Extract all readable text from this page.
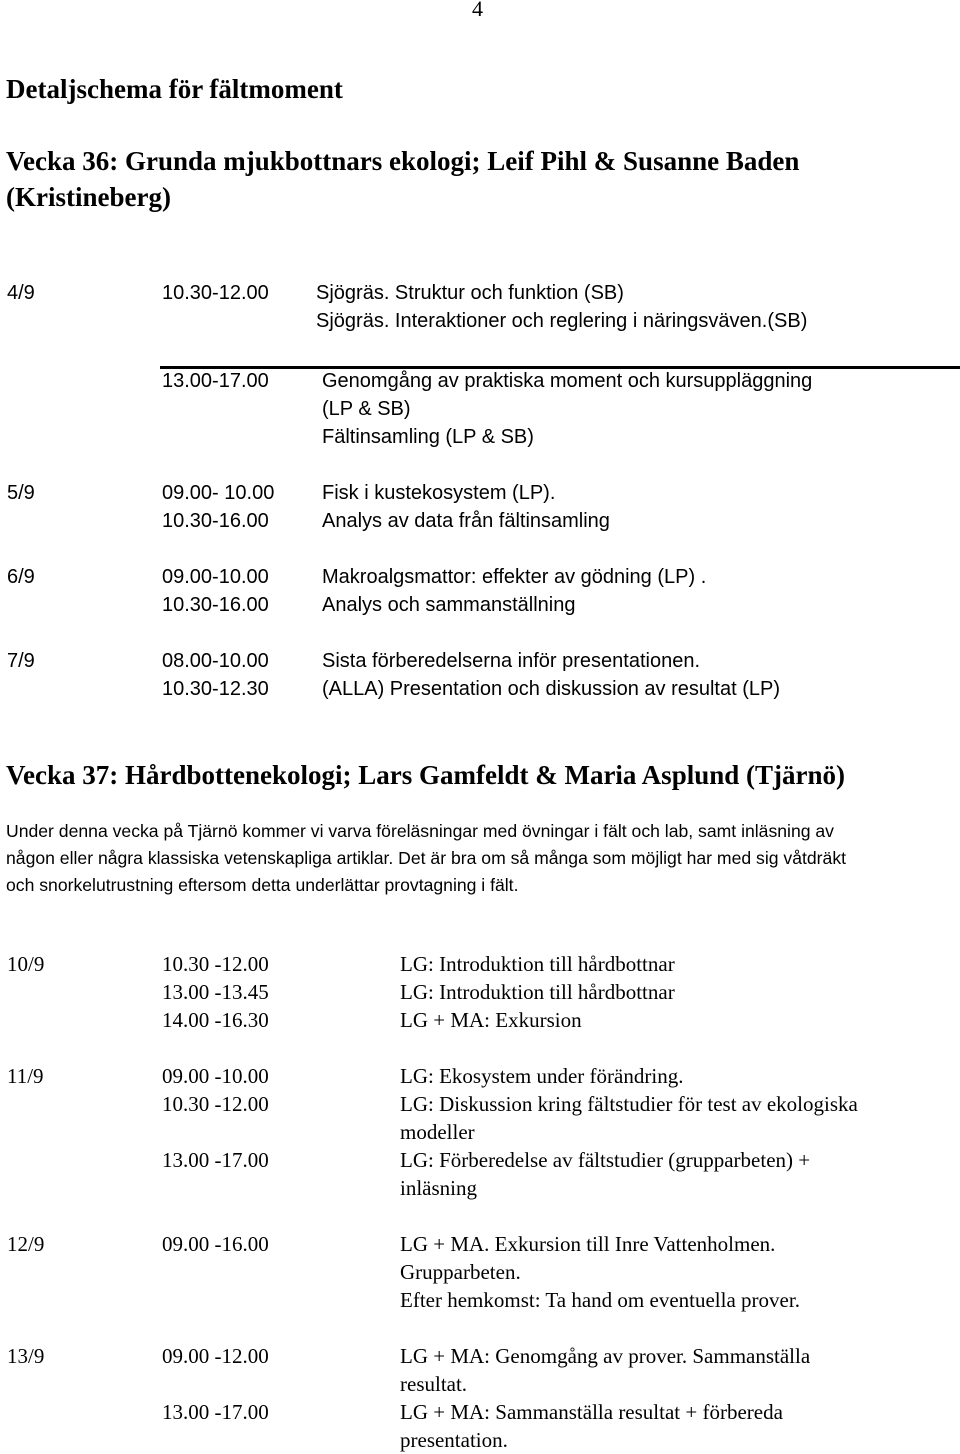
4
Detaljschema för fältmoment
Vecka 36: Grunda mjukbottnars ekologi; Leif Pihl & Susanne Baden
(Kristineberg)
4/9	10.30-12.00 Sjögräs. Struktur och funktion (SB)
Sjögräs. Interaktioner och reglering i näringsväven.(SB)
13.00-17.00	Genomgång av praktiska moment och kursuppläggning
(LP & SB)
Fältinsamling (LP & SB)
5/9	09.00- 10.00 Fisk i kustekosystem (LP).
10.30-16.00	Analys av data från fältinsamling
6/9	09.00-10.00	Makroalgsmattor: effekter av gödning (LP) .
10.30-16.00	Analys och sammanställning
7/9	08.00-10.00	Sista förberedelserna inför presentationen.
10.30-12.30	(ALLA) Presentation och diskussion av resultat (LP)
Vecka 37: Hårdbottenekologi; Lars Gamfeldt & Maria Asplund (Tjärnö)
Under denna vecka på Tjärnö kommer vi varva föreläsningar med övningar i fält och lab, samt inläsning av
någon eller några klassiska vetenskapliga artiklar. Det är bra om så många som möjligt har med sig våtdräkt
och snorkelutrustning eftersom detta underlättar provtagning i fält.
10/9	10.30 -12.00	LG: Introduktion till hårdbottnar
13.00 -13.45	LG: Introduktion till hårdbottnar
14.00 -16.30	LG + MA: Exkursion
11/9	09.00 -10.00	LG: Ekosystem under förändring.
10.30 -12.00	LG: Diskussion kring fältstudier för test av ekologiska
modeller
13.00 -17.00	LG: Förberedelse av fältstudier (grupparbeten) +
inläsning
12/9	09.00 -16.00	LG + MA. Exkursion till Inre Vattenholmen.
Grupparbeten.
Efter hemkomst: Ta hand om eventuella prover.
13/9	09.00 -12.00	LG + MA: Genomgång av prover. Sammanställa
resultat.
13.00 -17.00	LG + MA: Sammanställa resultat + förbereda
presentation.
